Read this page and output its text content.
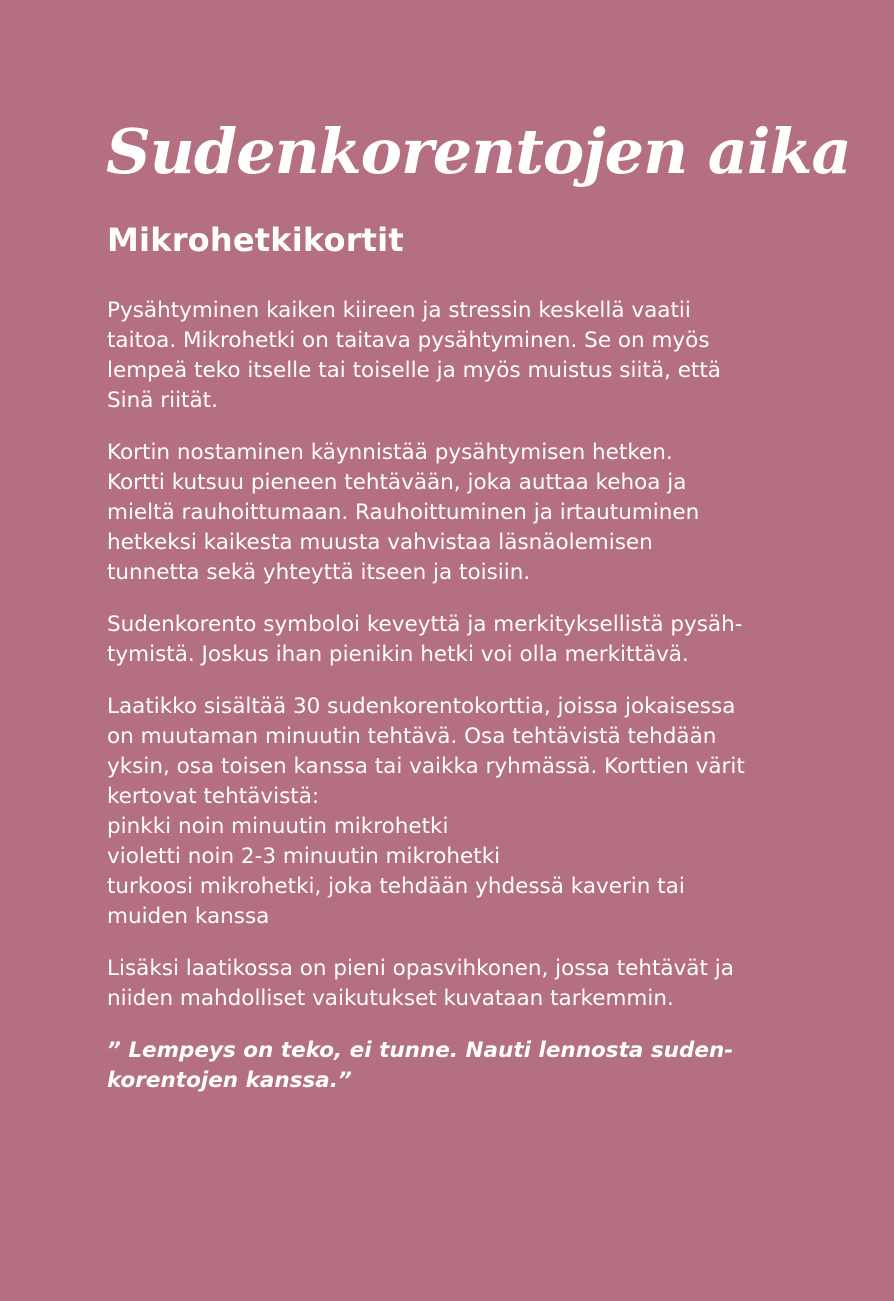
Sudenkorentojen aika
Mikrohetkikortit

Pysähtyminen kaiken kiireen ja stressin keskellä vaatii
taitoa. Mikrohetki on taitava pysähtyminen. Se on myös
lempeä teko itselle tai toiselle ja myös muistus siitä, että
Sinä riität.

Kortin nostaminen käynnistää pysähtymisen hetken.
Kortti kutsuu pieneen tehtävään, joka auttaa kehoa ja
mieltä rauhoittumaan. Rauhoittuminen ja irtautuminen
hetkeksi kaikesta muusta vahvistaa läsnäolemisen
tunnetta sekä yhteyttä itseen ja toisiin.

Sudenkorento symboloi keveyttä ja merkityksellistä pysäh-
tymistä. Joskus ihan pienikin hetki voi olla merkittävä.

Laatikko sisältää 30 sudenkorentokorttia, joissa jokaisessa
on muutaman minuutin tehtävä. Osa tehtävistä tehdään
yksin, osa toisen kanssa tai vaikka ryhmässä. Korttien värit
kertovat tehtävistä:
pinkki noin minuutin mikrohetki
violetti noin 2-3 minuutin mikrohetki
turkoosi mikrohetki, joka tehdään yhdessä kaverin tai
muiden kanssa

Lisäksi laatikossa on pieni opasvihkonen, jossa tehtävät ja
niiden mahdolliset vaikutukset kuvataan tarkemmin.

” Lempeys on teko, ei tunne. Nauti lennosta suden-
korentojen kanssa.”
